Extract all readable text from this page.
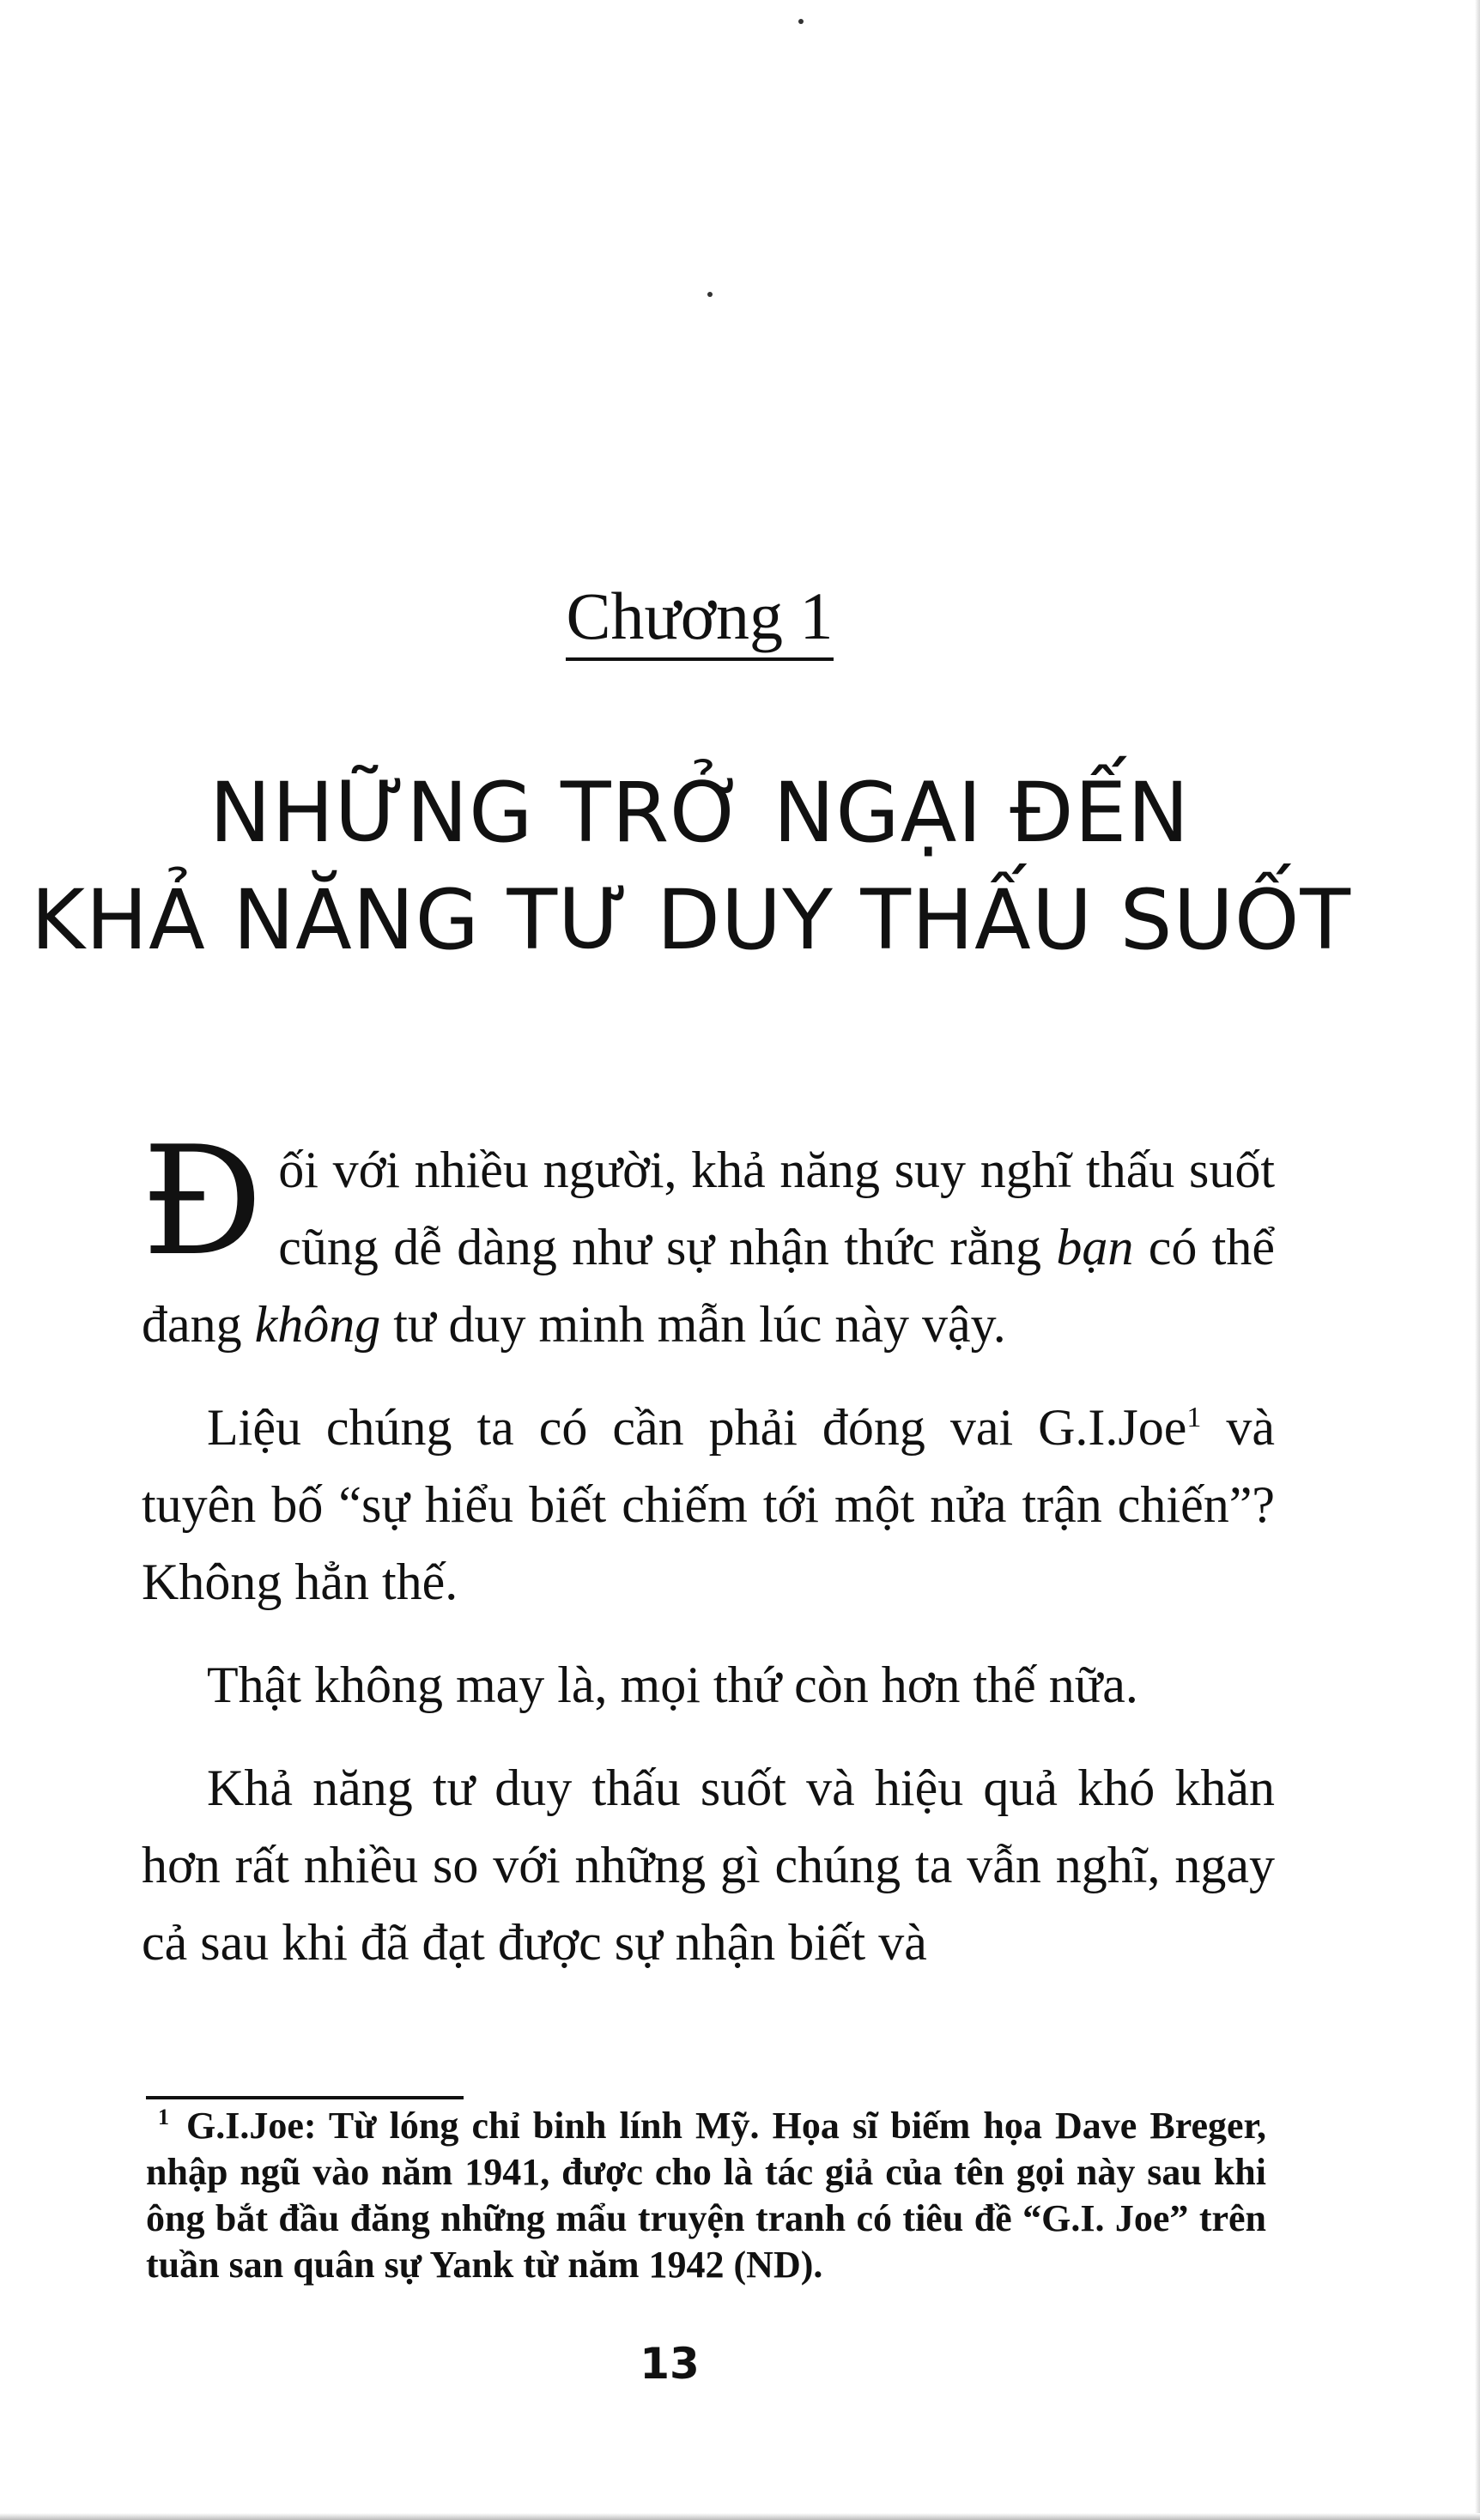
Chương 1
NHỮNG TRỞ NGẠI ĐẾN
KHẢ NĂNG TƯ DUY THẤU SUỐT

Đối với nhiều người, khả năng suy nghĩ thấu suốt cũng dễ dàng như sự nhận thức rằng bạn có thể đang không tư duy minh mẫn lúc này vậy.

Liệu chúng ta có cần phải đóng vai G.I.Joe$^1$ và tuyên bố “sự hiểu biết chiếm tới một nửa trận chiến”? Không hẳn thế.

Thật không may là, mọi thứ còn hơn thế nữa.

Khả năng tư duy thấu suốt và hiệu quả khó khăn hơn rất nhiều so với những gì chúng ta vẫn nghĩ, ngay cả sau khi đã đạt được sự nhận biết và

$^1$ G.I.Joe: Từ lóng chỉ binh lính Mỹ. Họa sĩ biếm họa Dave Breger, nhập ngũ vào năm 1941, được cho là tác giả của tên gọi này sau khi ông bắt đầu đăng những mẩu truyện tranh có tiêu đề “G.I. Joe” trên tuần san quân sự Yank từ năm 1942 (ND).
13
